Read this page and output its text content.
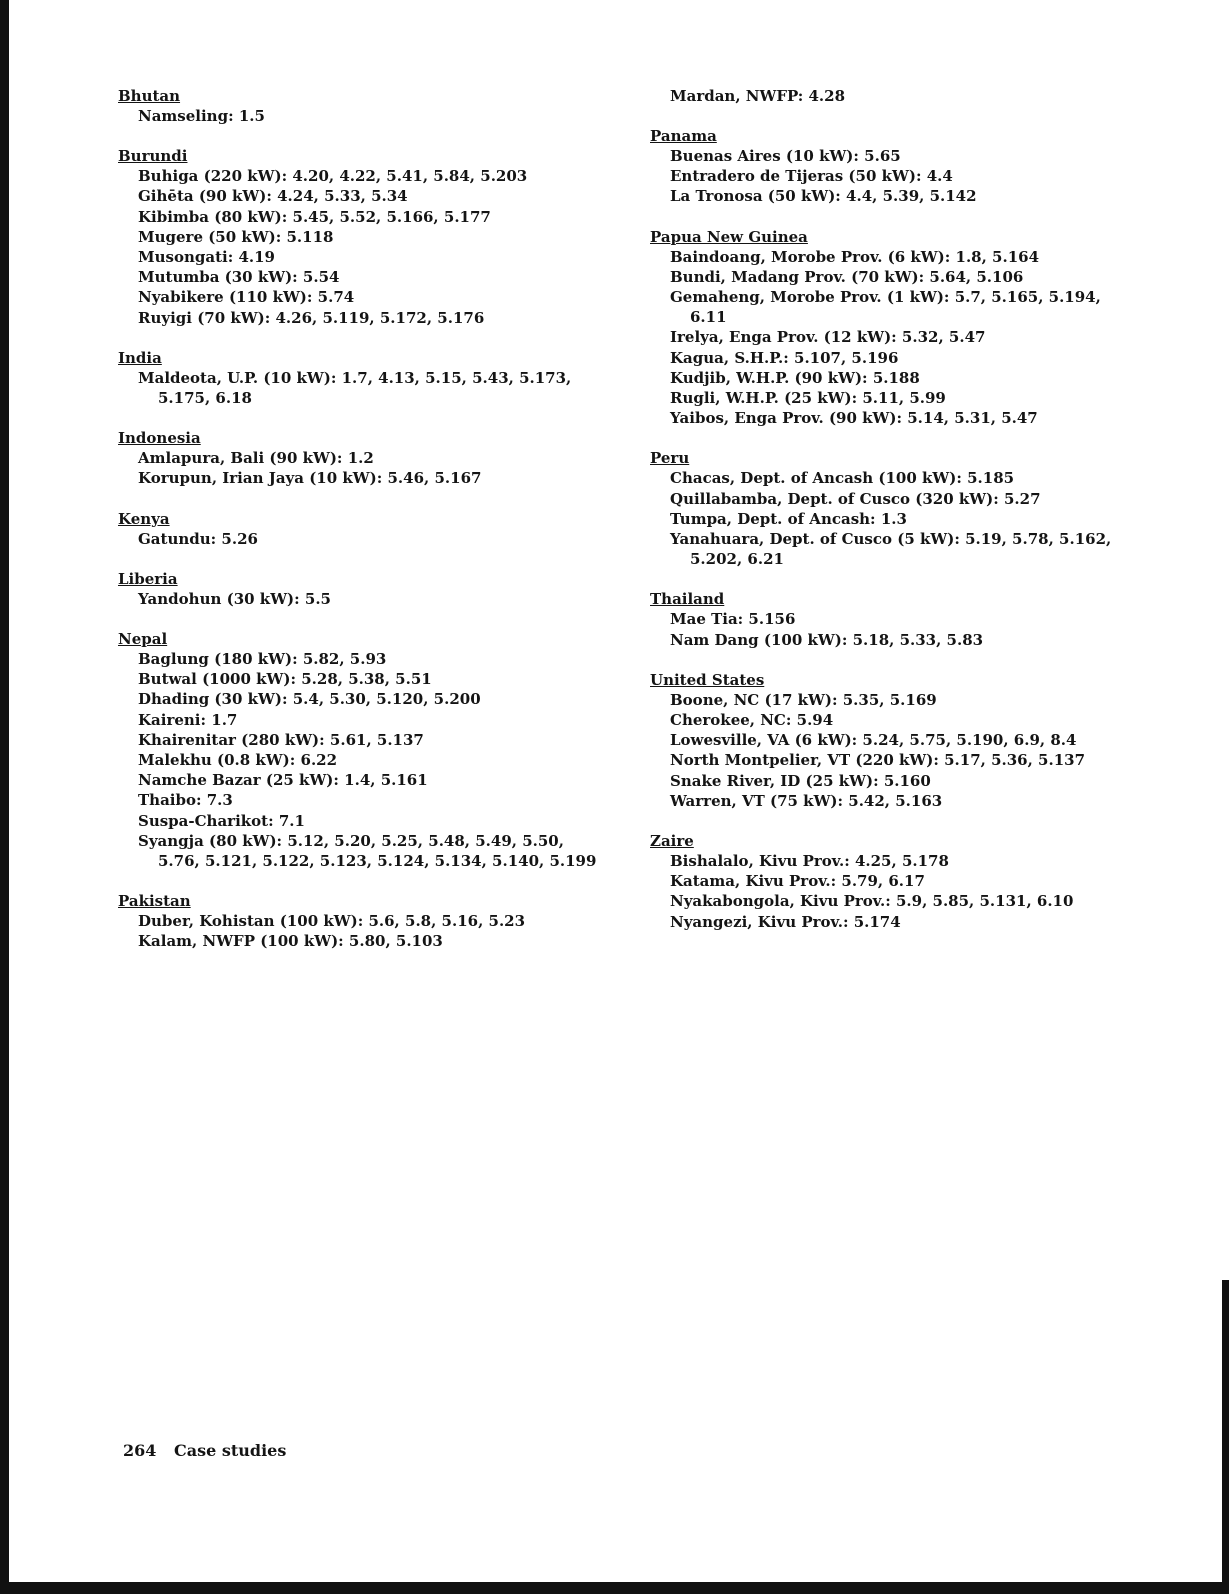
Bhutan
Namseling: 1.5
Burundi
Buhiga (220 kW): 4.20, 4.22, 5.41, 5.84, 5.203
Gihēta (90 kW): 4.24, 5.33, 5.34
Kibimba (80 kW): 5.45, 5.52, 5.166, 5.177
Mugere (50 kW): 5.118
Musongati: 4.19
Mutumba (30 kW): 5.54
Nyabikere (110 kW): 5.74
Ruyigi (70 kW): 4.26, 5.119, 5.172, 5.176
India
Maldeota, U.P. (10 kW): 1.7, 4.13, 5.15, 5.43, 5.173,
5.175, 6.18
Indonesia
Amlapura, Bali (90 kW): 1.2
Korupun, Irian Jaya (10 kW): 5.46, 5.167
Kenya
Gatundu: 5.26
Liberia
Yandohun (30 kW): 5.5
Nepal
Baglung (180 kW): 5.82, 5.93
Butwal (1000 kW): 5.28, 5.38, 5.51
Dhading (30 kW): 5.4, 5.30, 5.120, 5.200
Kaireni: 1.7
Khairenitar (280 kW): 5.61, 5.137
Malekhu (0.8 kW): 6.22
Namche Bazar (25 kW): 1.4, 5.161
Thaibo: 7.3
Suspa-Charikot: 7.1
Syangja (80 kW): 5.12, 5.20, 5.25, 5.48, 5.49, 5.50,
5.76, 5.121, 5.122, 5.123, 5.124, 5.134, 5.140, 5.199
Pakistan
Duber, Kohistan (100 kW): 5.6, 5.8, 5.16, 5.23
Kalam, NWFP (100 kW): 5.80, 5.103
Mardan, NWFP: 4.28
Panama
Buenas Aires (10 kW): 5.65
Entradero de Tijeras (50 kW): 4.4
La Tronosa (50 kW): 4.4, 5.39, 5.142
Papua New Guinea
Baindoang, Morobe Prov. (6 kW): 1.8, 5.164
Bundi, Madang Prov. (70 kW): 5.64, 5.106
Gemaheng, Morobe Prov. (1 kW): 5.7, 5.165, 5.194,
6.11
Irelya, Enga Prov. (12 kW): 5.32, 5.47
Kagua, S.H.P.: 5.107, 5.196
Kudjib, W.H.P. (90 kW): 5.188
Rugli, W.H.P. (25 kW): 5.11, 5.99
Yaibos, Enga Prov. (90 kW): 5.14, 5.31, 5.47
Peru
Chacas, Dept. of Ancash (100 kW): 5.185
Quillabamba, Dept. of Cusco (320 kW): 5.27
Tumpa, Dept. of Ancash: 1.3
Yanahuara, Dept. of Cusco (5 kW): 5.19, 5.78, 5.162,
5.202, 6.21
Thailand
Mae Tia: 5.156
Nam Dang (100 kW): 5.18, 5.33, 5.83
United States
Boone, NC (17 kW): 5.35, 5.169
Cherokee, NC: 5.94
Lowesville, VA (6 kW): 5.24, 5.75, 5.190, 6.9, 8.4
North Montpelier, VT (220 kW): 5.17, 5.36, 5.137
Snake River, ID (25 kW): 5.160
Warren, VT (75 kW): 5.42, 5.163
Zaire
Bishalalo, Kivu Prov.: 4.25, 5.178
Katama, Kivu Prov.: 5.79, 6.17
Nyakabongola, Kivu Prov.: 5.9, 5.85, 5.131, 6.10
Nyangezi, Kivu Prov.: 5.174
264 Case studies
